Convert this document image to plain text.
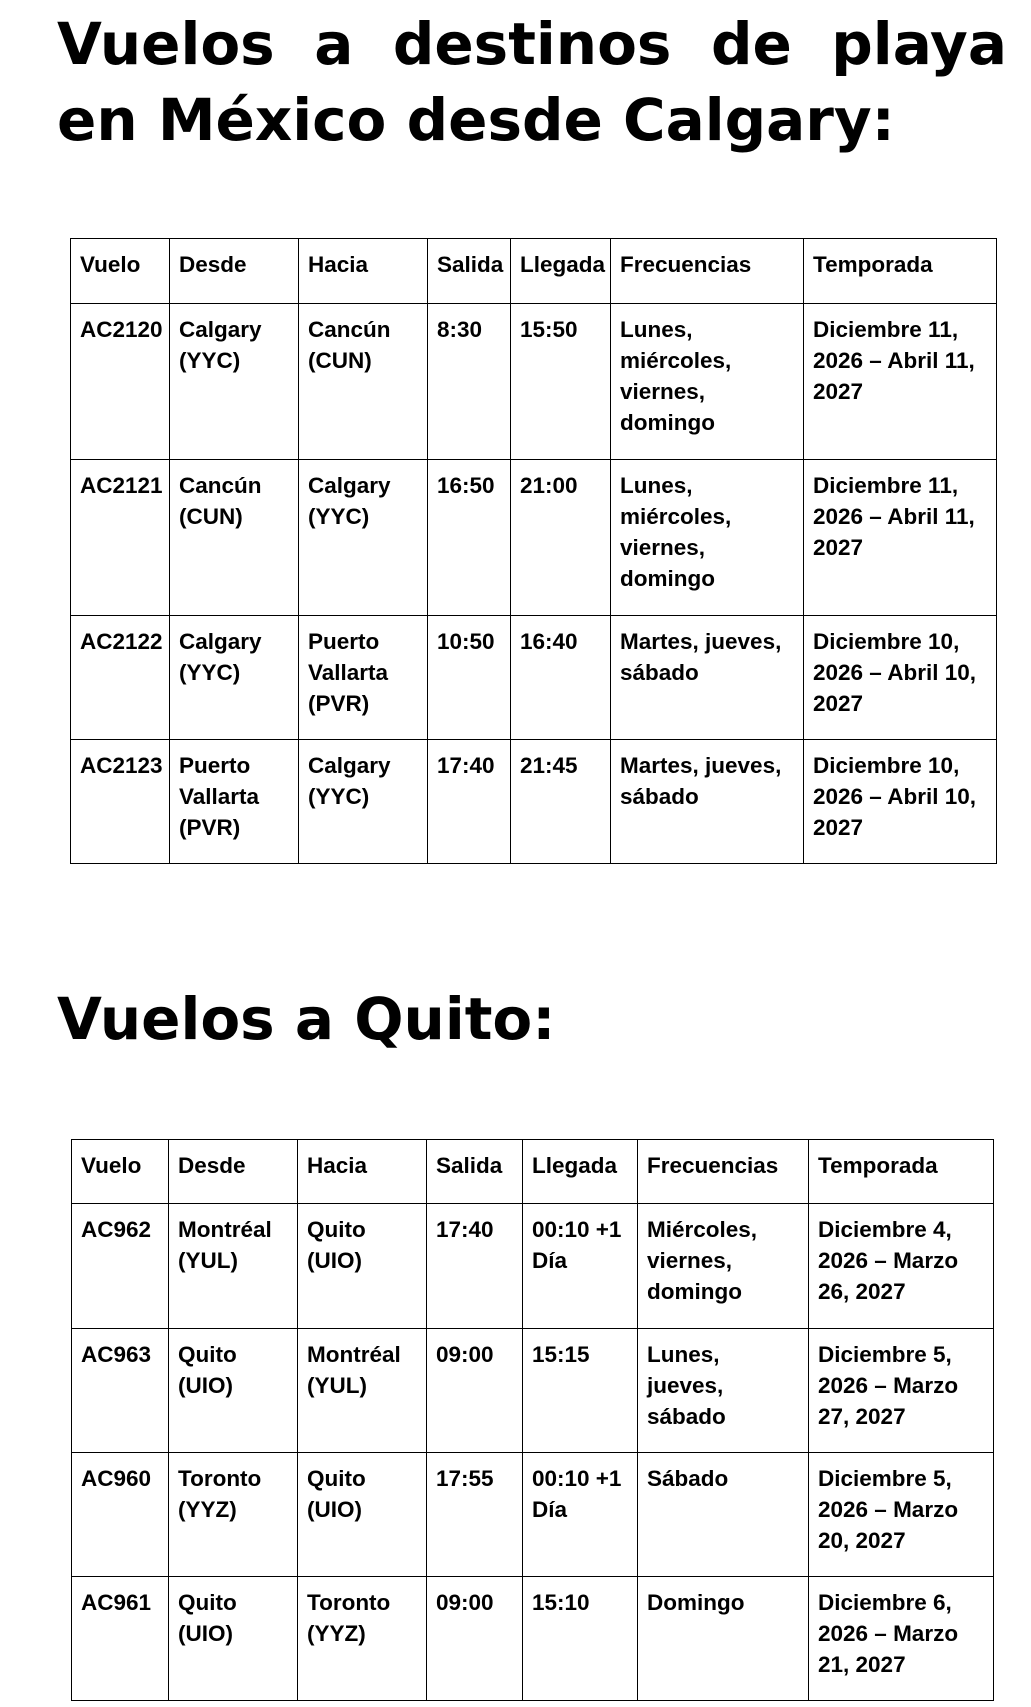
Vuelos a destinos de playa en México desde Calgary:
Vuelo	Desde	Hacia	Salida	Llegada	Frecuencias	Temporada
AC2120	Calgary (YYC)	Cancún (CUN)	8:30	15:50	Lunes, miércoles, viernes, domingo	Diciembre 11, 2026 – Abril 11, 2027
AC2121	Cancún (CUN)	Calgary (YYC)	16:50	21:00	Lunes, miércoles, viernes, domingo	Diciembre 11, 2026 – Abril 11, 2027
AC2122	Calgary (YYC)	Puerto Vallarta (PVR)	10:50	16:40	Martes, jueves, sábado	Diciembre 10, 2026 – Abril 10, 2027
AC2123	Puerto Vallarta (PVR)	Calgary (YYC)	17:40	21:45	Martes, jueves, sábado	Diciembre 10, 2026 – Abril 10, 2027
Vuelos a Quito:
Vuelo	Desde	Hacia	Salida	Llegada	Frecuencias	Temporada
AC962	Montréal (YUL)	Quito (UIO)	17:40	00:10 +1 Día	Miércoles, viernes, domingo	Diciembre 4, 2026 – Marzo 26, 2027
AC963	Quito (UIO)	Montréal (YUL)	09:00	15:15	Lunes, jueves, sábado	Diciembre 5, 2026 – Marzo 27, 2027
AC960	Toronto (YYZ)	Quito (UIO)	17:55	00:10 +1 Día	Sábado	Diciembre 5, 2026 – Marzo 20, 2027
AC961	Quito (UIO)	Toronto (YYZ)	09:00	15:10	Domingo	Diciembre 6, 2026 – Marzo 21, 2027
